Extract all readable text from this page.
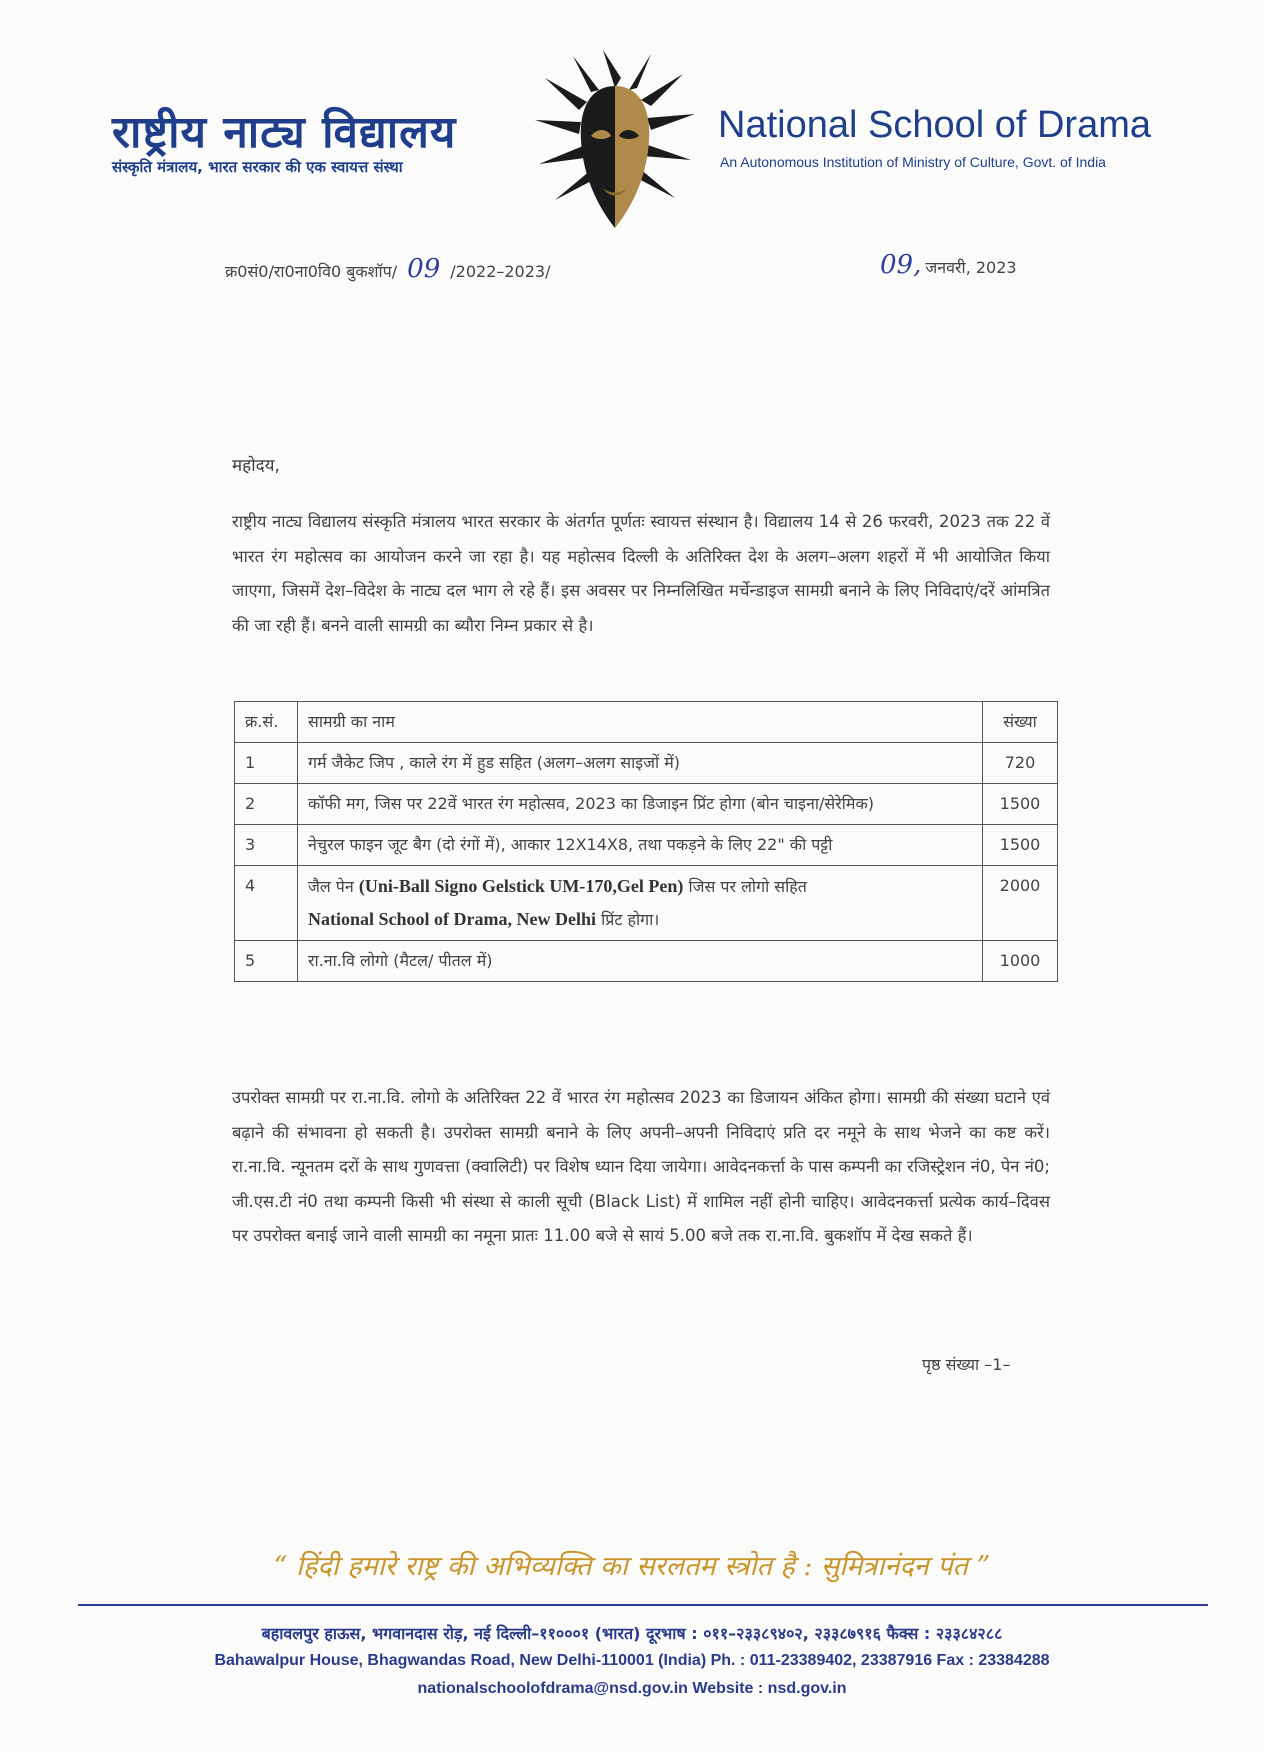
राष्ट्रीय नाट्य विद्यालय
संस्कृति मंत्रालय, भारत सरकार की एक स्वायत्त संस्था
National School of Drama
An Autonomous Institution of Ministry of Culture, Govt. of India
क्र0सं0/रा0ना0वि0 बुकशॉप/ 09 /2022–2023/	09, जनवरी, 2023
महोदय,
राष्ट्रीय नाट्य विद्यालय संस्कृति मंत्रालय भारत सरकार के अंतर्गत पूर्णतः स्वायत्त संस्थान है। विद्यालय 14 से 26 फरवरी, 2023 तक 22 वें भारत रंग महोत्सव का आयोजन करने जा रहा है। यह महोत्सव दिल्ली के अतिरिक्त देश के अलग–अलग शहरों में भी आयोजित किया जाएगा, जिसमें देश–विदेश के नाट्य दल भाग ले रहे हैं। इस अवसर पर निम्नलिखित मर्चेन्डाइज सामग्री बनाने के लिए निविदाएं/दरें आंमत्रित की जा रही हैं। बनने वाली सामग्री का ब्यौरा निम्न प्रकार से है।
क्र.सं.	सामग्री का नाम	संख्या
1	गर्म जैकेट जिप , काले रंग में हुड सहित (अलग–अलग साइजों में)	720
2	कॉफी मग, जिस पर 22वें भारत रंग महोत्सव, 2023 का डिजाइन प्रिंट होगा (बोन चाइना/सेरेमिक)	1500
3	नेचुरल फाइन जूट बैग (दो रंगों में), आकार 12X14X8, तथा पकड़ने के लिए 22" की पट्टी	1500
4	जैल पेन (Uni-Ball Signo Gelstick UM-170,Gel Pen) जिस पर लोगो सहित
National School of Drama, New Delhi प्रिंट होगा।	2000
5	रा.ना.वि लोगो (मैटल/ पीतल में)	1000
उपरोक्त सामग्री पर रा.ना.वि. लोगो के अतिरिक्त 22 वें भारत रंग महोत्सव 2023 का डिजायन अंकित होगा। सामग्री की संख्या घटाने एवं बढ़ाने की संभावना हो सकती है। उपरोक्त सामग्री बनाने के लिए अपनी–अपनी निविदाएं प्रति दर नमूने के साथ भेजने का कष्ट करें। रा.ना.वि. न्यूनतम दरों के साथ गुणवत्ता (क्वालिटी) पर विशेष ध्यान दिया जायेगा। आवेदनकर्त्ता के पास कम्पनी का रजिस्ट्रेशन नं0, पेन नं0; जी.एस.टी नं0 तथा कम्पनी किसी भी संस्था से काली सूची (Black List) में शामिल नहीं होनी चाहिए। आवेदनकर्त्ता प्रत्येक कार्य–दिवस पर उपरोक्त बनाई जाने वाली सामग्री का नमूना प्रातः 11.00 बजे से सायं 5.00 बजे तक रा.ना.वि. बुकशॉप में देख सकते हैं।
पृष्ठ संख्या –1–
“ हिंदी हमारे राष्ट्र की अभिव्यक्ति का सरलतम स्त्रोत है : सुमित्रानंदन पंत ”
बहावलपुर हाऊस, भगवानदास रोड़, नई दिल्ली–११०००१ (भारत) दूरभाष : ०११–२३३८९४०२, २३३८७९१६ फैक्स : २३३८४२८८
Bahawalpur House, Bhagwandas Road, New Delhi-110001 (India) Ph. : 011-23389402, 23387916 Fax : 23384288
nationalschoolofdrama@nsd.gov.in Website : nsd.gov.in
